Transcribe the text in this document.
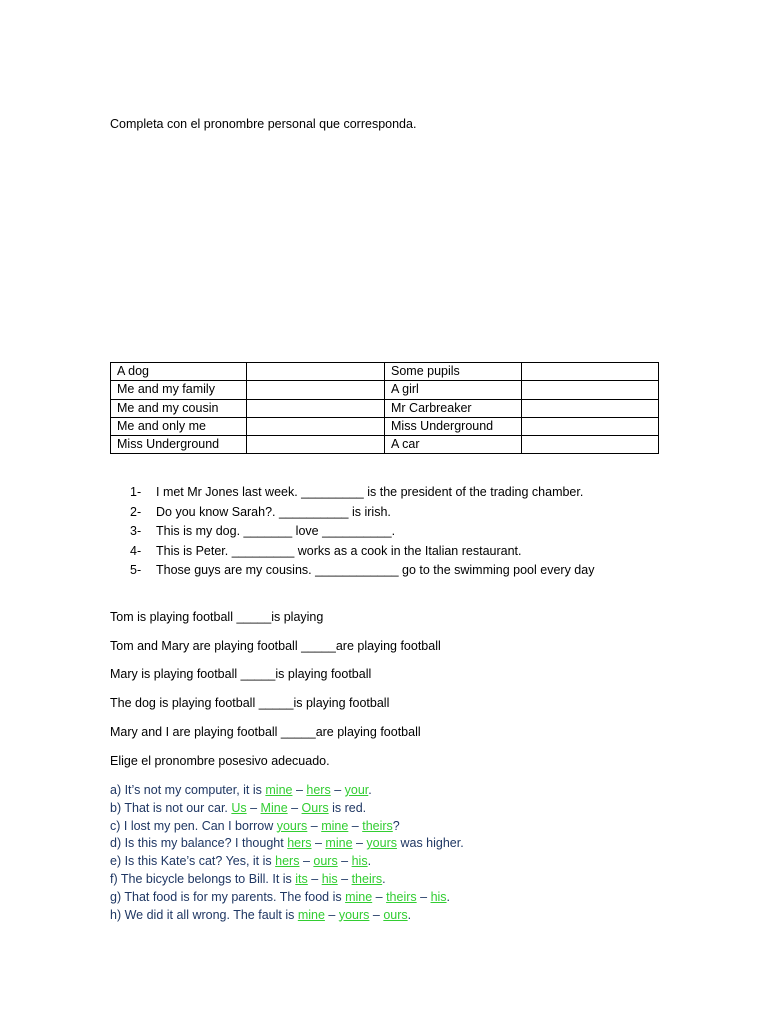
Completa con el pronombre personal que corresponda.
A dog		Some pupils	
Me and my family		A girl	
Me and my cousin		Mr Carbreaker	
Me and only me		Miss Underground	
Miss Underground		A car	
1- I met Mr Jones last week. _________ is the president of the trading chamber.
2- Do you know Sarah?. __________ is irish.
3- This is my dog. _______ love __________.
4- This is Peter. _________ works as a cook in the Italian restaurant.
5- Those guys are my cousins. ____________ go to the swimming pool every day
Tom is playing football _____is playing
Tom and Mary are playing football _____are playing football
Mary is playing football _____is playing football
The dog is playing football _____is playing football
Mary and I are playing football _____are playing football
Elige el pronombre posesivo adecuado.
a) It’s not my computer, it is mine – hers – your.
b) That is not our car. Us – Mine – Ours is red.
c) I lost my pen. Can I borrow yours – mine – theirs?
d) Is this my balance? I thought hers – mine – yours was higher.
e) Is this Kate’s cat? Yes, it is hers – ours – his.
f) The bicycle belongs to Bill. It is its – his – theirs.
g) That food is for my parents. The food is mine – theirs – his.
h) We did it all wrong. The fault is mine – yours – ours.
